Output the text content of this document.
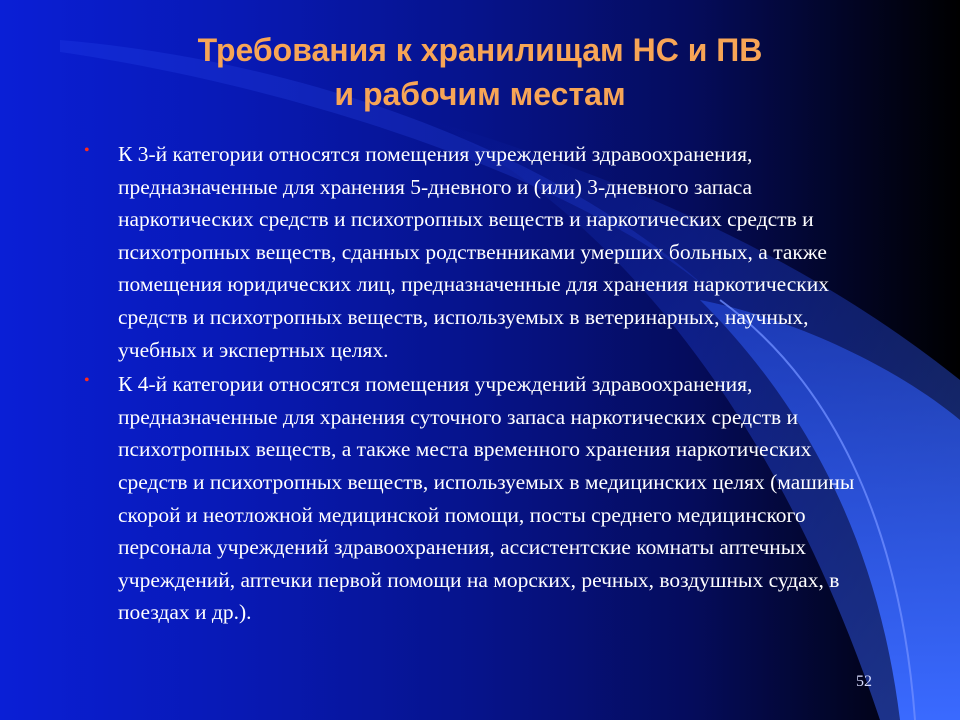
Требования к хранилищам НС и ПВ
и рабочим местам
• К 3-й категории относятся помещения учреждений здравоохранения, предназначенные для хранения 5-дневного и (или) 3-дневного запаса наркотических средств и психотропных веществ и наркотических средств и психотропных веществ, сданных родственниками умерших больных, а также помещения юридических лиц, предназначенные для хранения наркотических средств и психотропных веществ, используемых в ветеринарных, научных, учебных и экспертных целях.
• К 4-й категории относятся помещения учреждений здравоохранения, предназначенные для хранения суточного запаса наркотических средств и психотропных веществ, а также места временного хранения наркотических средств и психотропных веществ, используемых в медицинских целях (машины скорой и неотложной медицинской помощи, посты среднего медицинского персонала учреждений здравоохранения, ассистентские комнаты аптечных учреждений, аптечки первой помощи на морских, речных, воздушных судах, в поездах и др.).
52
